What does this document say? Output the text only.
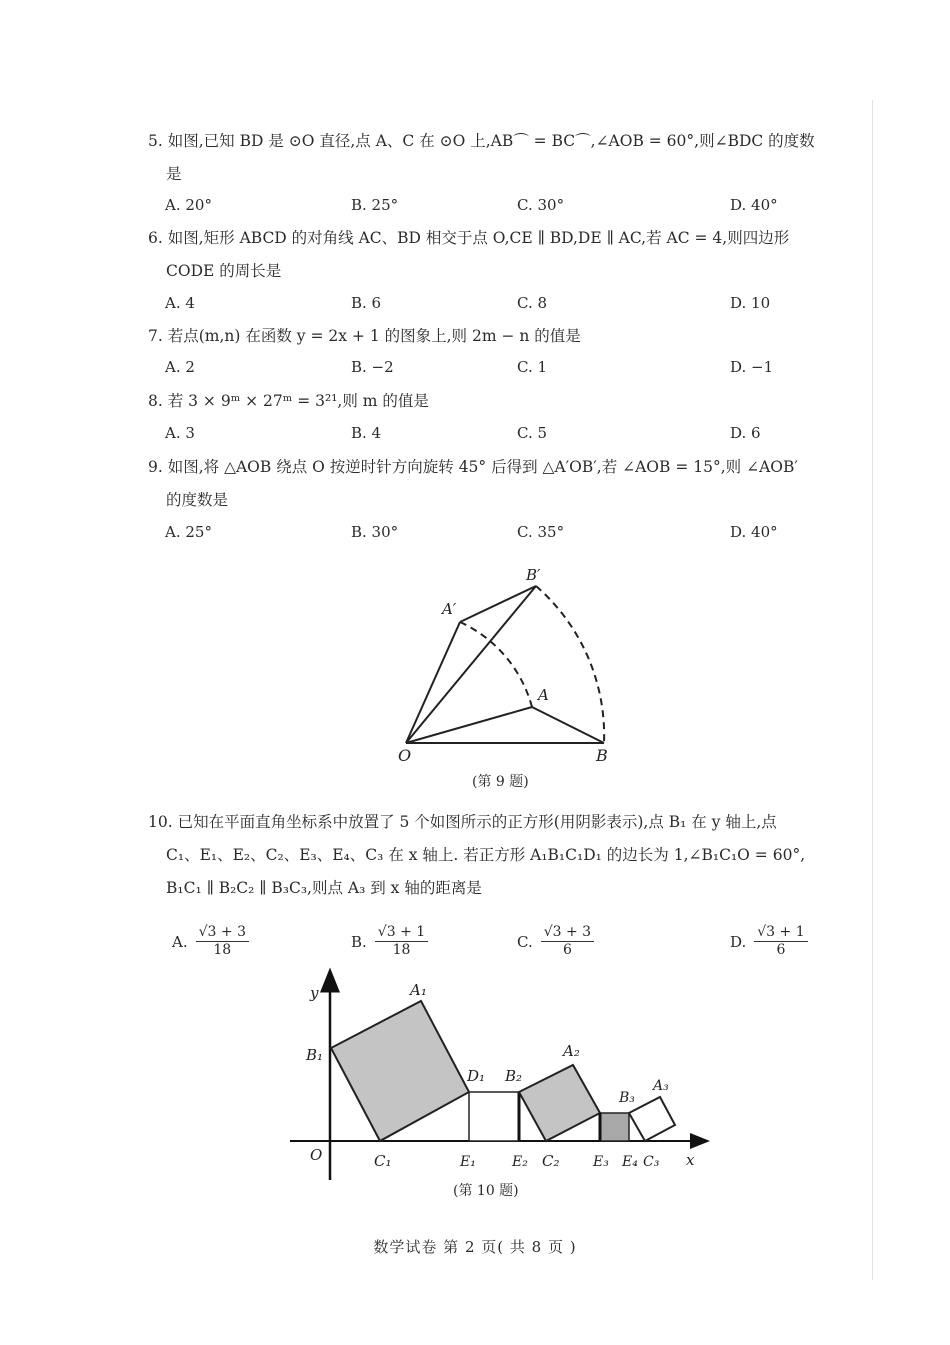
5. 如图,已知 BD 是 ⊙O 直径,点 A、C 在 ⊙O 上,AB⌒ = BC⌒,∠AOB = 60°,则∠BDC 的度数
是
A. 20°	B. 25°	C. 30°	D. 40°
6. 如图,矩形 ABCD 的对角线 AC、BD 相交于点 O,CE ∥ BD,DE ∥ AC,若 AC = 4,则四边形
CODE 的周长是
A. 4	B. 6	C. 8	D. 10
7. 若点(m,n) 在函数 y = 2x + 1 的图象上,则 2m − n 的值是
A. 2	B. −2	C. 1	D. −1
8. 若 3 × 9ᵐ × 27ᵐ = 3²¹,则 m 的值是
A. 3	B. 4	C. 5	D. 6
9. 如图,将 △AOB 绕点 O 按逆时针方向旋转 45° 后得到 △A′OB′,若 ∠AOB = 15°,则 ∠AOB′
的度数是
A. 25°	B. 30°	C. 35°	D. 40°
O	B
A
A′
B′
(第 9 题)
10. 已知在平面直角坐标系中放置了 5 个如图所示的正方形(用阴影表示),点 B₁ 在 y 轴上,点
C₁、E₁、E₂、C₂、E₃、E₄、C₃ 在 x 轴上. 若正方形 A₁B₁C₁D₁ 的边长为 1,∠B₁C₁O = 60°,
B₁C₁ ∥ B₂C₂ ∥ B₃C₃,则点 A₃ 到 x 轴的距离是
A. $\frac{√3 + 3}{18}$	B. $\frac{√3 + 1}{18}$	C. $\frac{√3 + 3}{6}$	D. $\frac{√3 + 1}{6}$
y
x
O
A₁
B₁
C₁
D₁ B₂
A₂
C₂
B₃
A₃
C₃
E₁	E₂	E₃ E₄
(第 10 题)
数学试卷 第 2 页( 共 8 页 )
